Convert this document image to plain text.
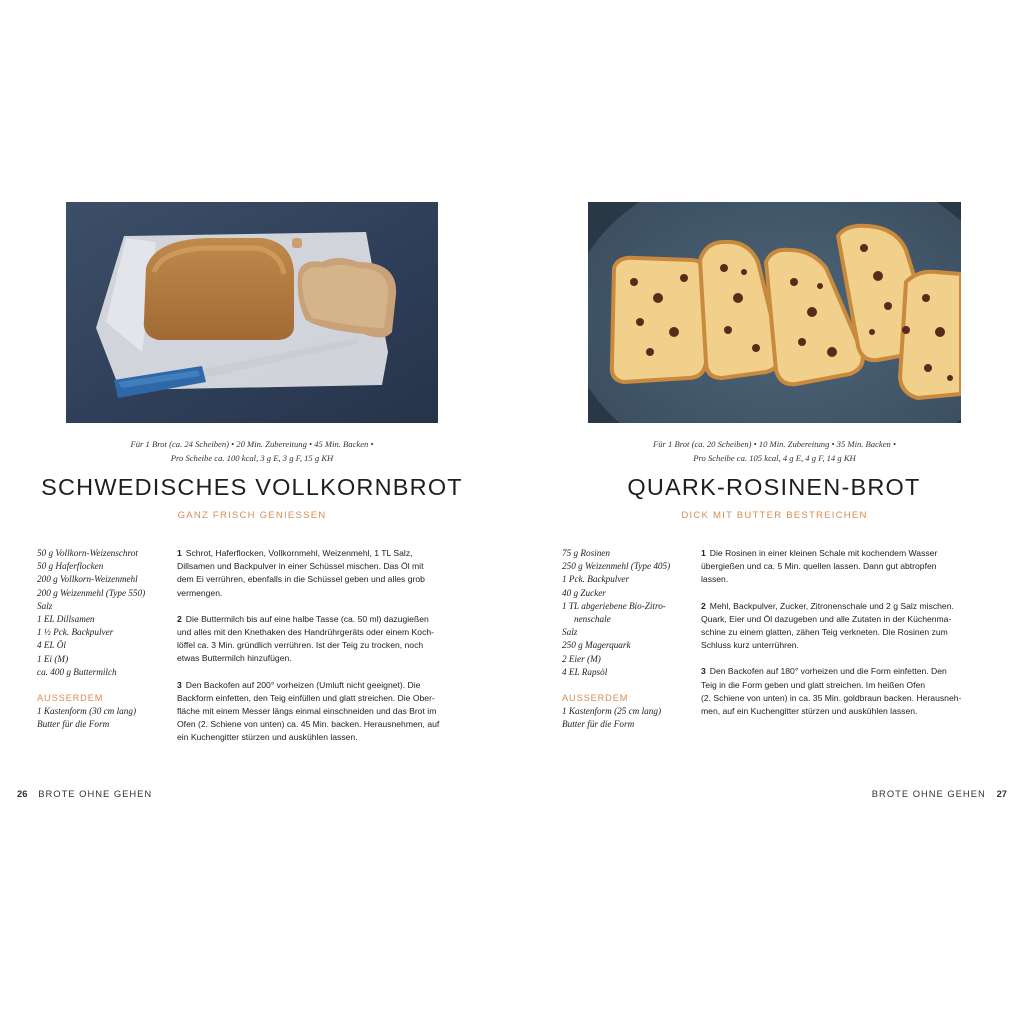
Für 1 Brot (ca. 24 Scheiben) • 20 Min. Zubereitung • 45 Min. Backen •
Pro Scheibe ca. 100 kcal, 3 g E, 3 g F, 15 g KH
SCHWEDISCHES VOLLKORNBROT
GANZ FRISCH GENIESSEN
50 g Vollkorn-Weizenschrot
50 g Haferflocken
200 g Vollkorn-Weizenmehl
200 g Weizenmehl (Type 550)
Salz
1 EL Dillsamen
1 ½ Pck. Backpulver
4 EL Öl
1 Ei (M)
ca. 400 g Buttermilch
AUSSERDEM
1 Kastenform (30 cm lang)
Butter für die Form
1 Schrot, Haferflocken, Vollkornmehl, Weizenmehl, 1 TL Salz,
Dillsamen und Backpulver in einer Schüssel mischen. Das Öl mit
dem Ei verrühren, ebenfalls in die Schüssel geben und alles grob
vermengen.
2 Die Buttermilch bis auf eine halbe Tasse (ca. 50 ml) dazugießen
und alles mit den Knethaken des Handrührgeräts oder einem Koch-
löffel ca. 3 Min. gründlich verrühren. Ist der Teig zu trocken, noch
etwas Buttermilch hinzufügen.
3 Den Backofen auf 200° vorheizen (Umluft nicht geeignet). Die
Backform einfetten, den Teig einfüllen und glatt streichen. Die Ober-
fläche mit einem Messer längs einmal einschneiden und das Brot im
Ofen (2. Schiene von unten) ca. 45 Min. backen. Herausnehmen, auf
ein Kuchengitter stürzen und auskühlen lassen.
26 BROTE OHNE GEHEN
Für 1 Brot (ca. 20 Scheiben) • 10 Min. Zubereitung • 35 Min. Backen •
Pro Scheibe ca. 105 kcal, 4 g E, 4 g F, 14 g KH
QUARK-ROSINEN-BROT
DICK MIT BUTTER BESTREICHEN
75 g Rosinen
250 g Weizenmehl (Type 405)
1 Pck. Backpulver
40 g Zucker
1 TL abgeriebene Bio-Zitro-
nenschale
Salz
250 g Magerquark
2 Eier (M)
4 EL Rapsöl
AUSSERDEM
1 Kastenform (25 cm lang)
Butter für die Form
1 Die Rosinen in einer kleinen Schale mit kochendem Wasser
übergießen und ca. 5 Min. quellen lassen. Dann gut abtropfen
lassen.
2 Mehl, Backpulver, Zucker, Zitronenschale und 2 g Salz mischen.
Quark, Eier und Öl dazugeben und alle Zutaten in der Küchenma-
schine zu einem glatten, zähen Teig verkneten. Die Rosinen zum
Schluss kurz unterrühren.
3 Den Backofen auf 180° vorheizen und die Form einfetten. Den
Teig in die Form geben und glatt streichen. Im heißen Ofen
(2. Schiene von unten) in ca. 35 Min. goldbraun backen. Herausneh-
men, auf ein Kuchengitter stürzen und auskühlen lassen.
BROTE OHNE GEHEN 27
